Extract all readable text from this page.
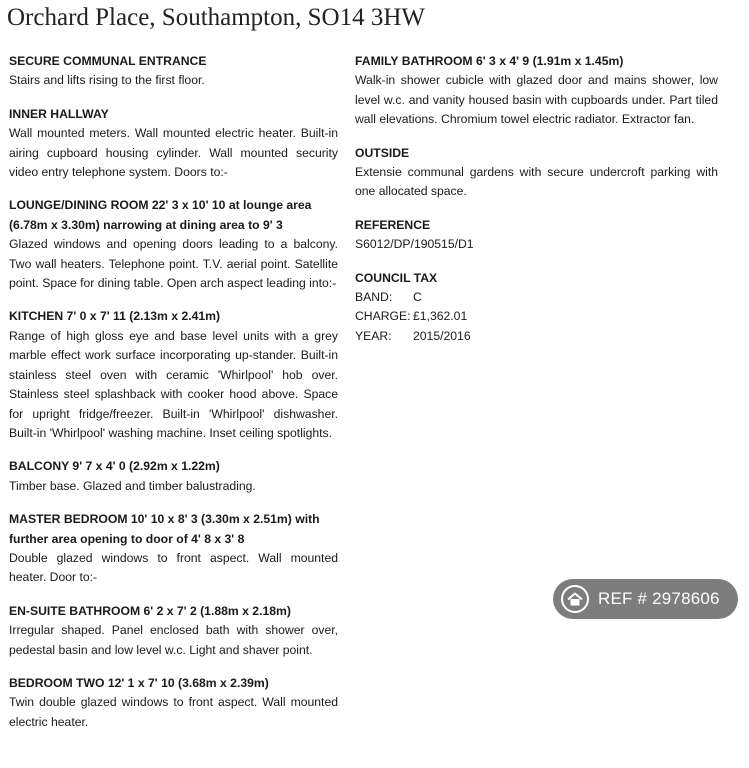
Orchard Place, Southampton, SO14 3HW
SECURE COMMUNAL ENTRANCE
Stairs and lifts rising to the first floor.
INNER HALLWAY
Wall mounted meters. Wall mounted electric heater. Built-in airing cupboard housing cylinder. Wall mounted security video entry telephone system. Doors to:-
LOUNGE/DINING ROOM 22' 3 x 10' 10 at lounge area (6.78m x 3.30m) narrowing at dining area to 9' 3
Glazed windows and opening doors leading to a balcony. Two wall heaters. Telephone point. T.V. aerial point. Satellite point. Space for dining table. Open arch aspect leading into:-
KITCHEN 7' 0 x 7' 11 (2.13m x 2.41m)
Range of high gloss eye and base level units with a grey marble effect work surface incorporating up-stander. Built-in stainless steel oven with ceramic 'Whirlpool' hob over. Stainless steel splashback with cooker hood above. Space for upright fridge/freezer. Built-in 'Whirlpool' dishwasher. Built-in 'Whirlpool' washing machine. Inset ceiling spotlights.
BALCONY 9' 7 x 4' 0 (2.92m x 1.22m)
Timber base. Glazed and timber balustrading.
MASTER BEDROOM 10' 10 x 8' 3 (3.30m x 2.51m) with further area opening to door of 4' 8 x 3' 8
Double glazed windows to front aspect. Wall mounted heater. Door to:-
EN-SUITE BATHROOM 6' 2 x 7' 2 (1.88m x 2.18m)
Irregular shaped. Panel enclosed bath with shower over, pedestal basin and low level w.c. Light and shaver point.
BEDROOM TWO 12' 1 x 7' 10 (3.68m x 2.39m)
Twin double glazed windows to front aspect. Wall mounted electric heater.
FAMILY BATHROOM 6' 3 x 4' 9 (1.91m x 1.45m)
Walk-in shower cubicle with glazed door and mains shower, low level w.c. and vanity housed basin with cupboards under. Part tiled wall elevations. Chromium towel electric radiator. Extractor fan.
OUTSIDE
Extensie communal gardens with secure undercroft parking with one allocated space.
REFERENCE
S6012/DP/190515/D1
COUNCIL TAX
BAND:	C
CHARGE: £1,362.01
YEAR:	2015/2016
REF # 2978606
